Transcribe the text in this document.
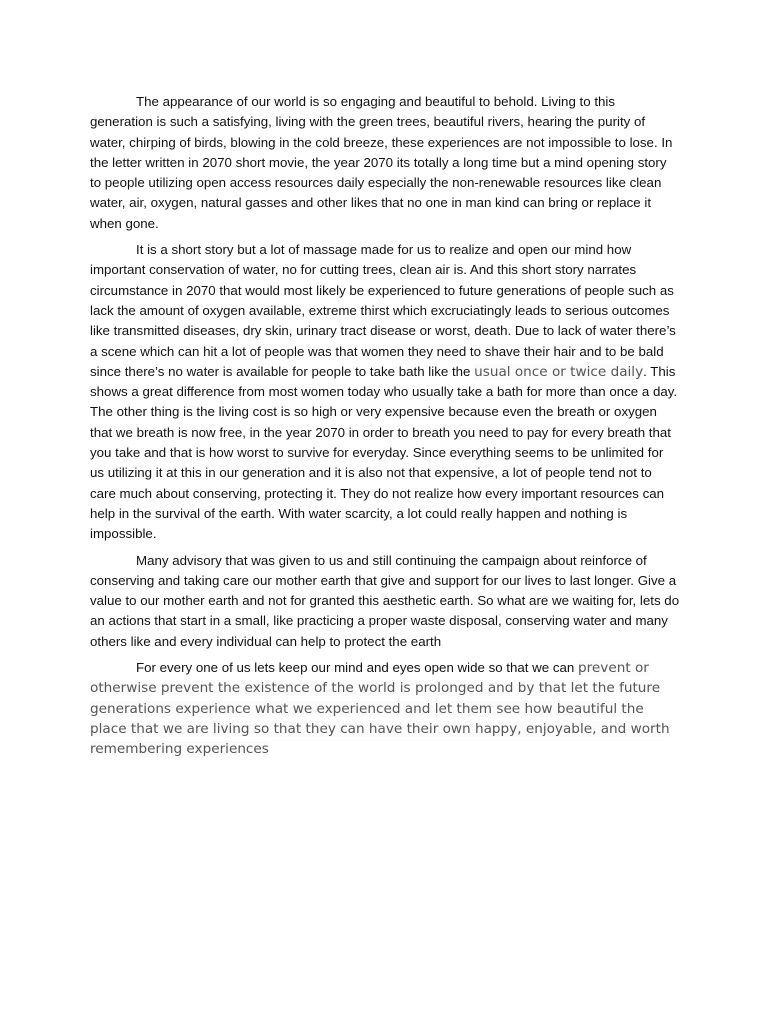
The appearance of our world is so engaging and beautiful to behold. Living to this generation is such a satisfying, living with the green trees, beautiful rivers, hearing the purity of water, chirping of birds, blowing in the cold breeze, these experiences are not impossible to lose. In the letter written in 2070 short movie, the year 2070 its totally a long time but a mind opening story to people utilizing open access resources daily especially the non-renewable resources like clean water, air, oxygen, natural gasses and other likes that no one in man kind can bring or replace it when gone.

It is a short story but a lot of massage made for us to realize and open our mind how important conservation of water, no for cutting trees, clean air is. And this short story narrates circumstance in 2070 that would most likely be experienced to future generations of people such as lack the amount of oxygen available, extreme thirst which excruciatingly leads to serious outcomes like transmitted diseases, dry skin, urinary tract disease or worst, death. Due to lack of water there’s a scene which can hit a lot of people was that women they need to shave their hair and to be bald since there’s no water is available for people to take bath like the usual once or twice daily. This shows a great difference from most women today who usually take a bath for more than once a day. The other thing is the living cost is so high or very expensive because even the breath or oxygen that we breath is now free, in the year 2070 in order to breath you need to pay for every breath that you take and that is how worst to survive for everyday. Since everything seems to be unlimited for us utilizing it at this in our generation and it is also not that expensive, a lot of people tend not to care much about conserving, protecting it. They do not realize how every important resources can help in the survival of the earth. With water scarcity, a lot could really happen and nothing is impossible.

Many advisory that was given to us and still continuing the campaign about reinforce of conserving and taking care our mother earth that give and support for our lives to last longer. Give a value to our mother earth and not for granted this aesthetic earth. So what are we waiting for, lets do an actions that start in a small, like practicing a proper waste disposal, conserving water and many others like and every individual can help to protect the earth

For every one of us lets keep our mind and eyes open wide so that we can prevent or otherwise prevent the existence of the world is prolonged and by that let the future generations experience what we experienced and let them see how beautiful the place that we are living so that they can have their own happy, enjoyable, and worth remembering experiences
